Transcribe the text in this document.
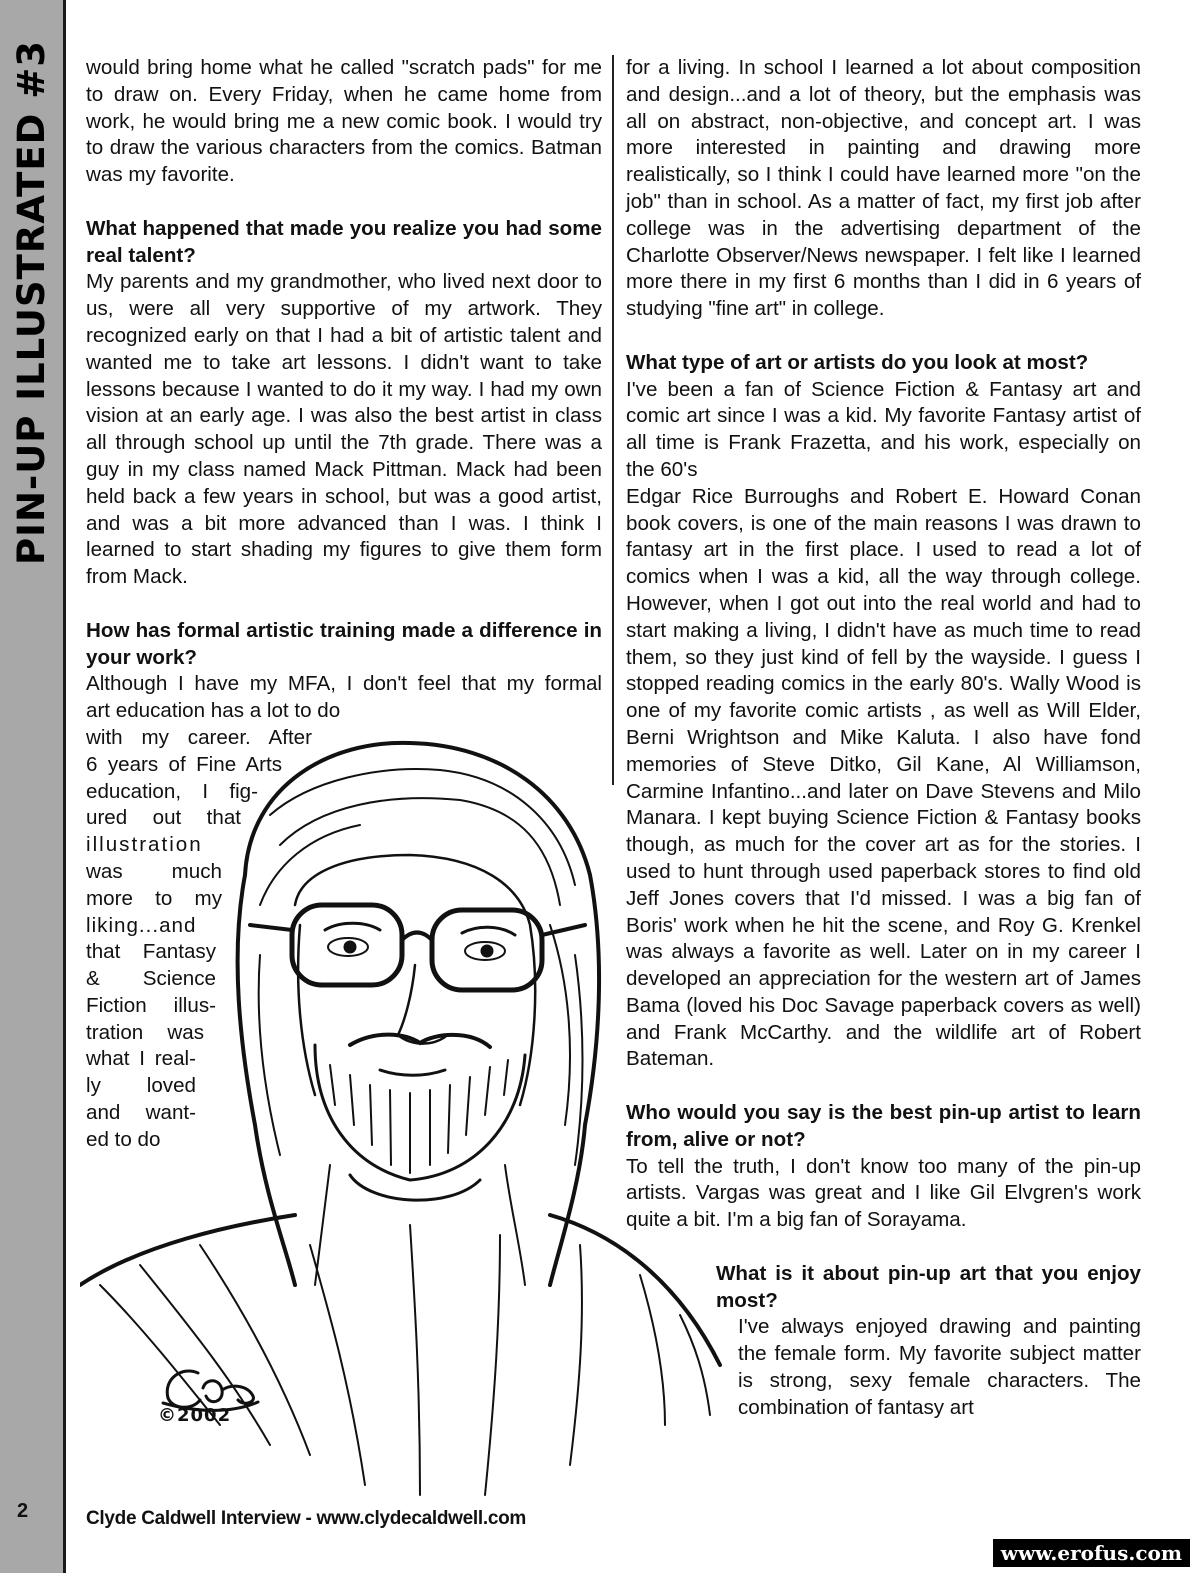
PIN-UP ILLUSTRATED #3
2
©2002

would bring home what he called "scratch pads" for me to draw on. Every Friday, when he came home from work, he would bring me a new comic book. I would try to draw the various characters from the comics. Batman was my favorite.

What happened that made you realize you had some real talent?

My parents and my grandmother, who lived next door to us, were all very supportive of my artwork. They recognized early on that I had a bit of artistic talent and wanted me to take art lessons. I didn't want to take lessons because I wanted to do it my way. I had my own vision at an early age. I was also the best artist in class all through school up until the 7th grade. There was a guy in my class named Mack Pittman. Mack had been held back a few years in school, but was a good artist, and was a bit more advanced than I was. I think I learned to start shading my figures to give them form from Mack.

How has formal artistic training made a difference in your work?
Although I have my MFA, I don't feel that my formal
art education has a lot to do
with my career. After
6 years of Fine Arts
education, I fig-
ured out that
illustration
was much
more to my
liking...and
that Fantasy
& Science
Fiction illus-
tration was
what I real-
ly loved
and want-
ed to do

for a living. In school I learned a lot about composition and design...and a lot of theory, but the emphasis was all on abstract, non-objective, and concept art. I was more interested in painting and drawing more realistically, so I think I could have learned more "on the job" than in school. As a matter of fact, my first job after college was in the advertising department of the Charlotte Observer/News newspaper. I felt like I learned more there in my first 6 months than I did in 6 years of studying "fine art" in college.

What type of art or artists do you look at most?

I've been a fan of Science Fiction & Fantasy art and comic art since I was a kid. My favorite Fantasy artist of all time is Frank Frazetta, and his work, especially on the 60's

Edgar Rice Burroughs and Robert E. Howard Conan book covers, is one of the main reasons I was drawn to fantasy art in the first place. I used to read a lot of comics when I was a kid, all the way through college. However, when I got out into the real world and had to start making a living, I didn't have as much time to read them, so they just kind of fell by the wayside. I guess I stopped reading comics in the early 80's. Wally Wood is one of my favorite comic artists , as well as Will Elder, Berni Wrightson and Mike Kaluta. I also have fond memories of Steve Ditko, Gil Kane, Al Williamson, Carmine Infantino...and later on Dave Stevens and Milo Manara. I kept buying Science Fiction & Fantasy books though, as much for the cover art as for the stories. I used to hunt through used paperback stores to find old Jeff Jones covers that I'd missed. I was a big fan of Boris' work when he hit the scene, and Roy G. Krenkel was always a favorite as well. Later on in my career I developed an appreciation for the western art of James Bama (loved his Doc Savage paperback covers as well) and Frank McCarthy. and the wildlife art of Robert Bateman.

Who would you say is the best pin-up artist to learn from, alive or not?

To tell the truth, I don't know too many of the pin-up artists. Vargas was great and I like Gil Elvgren's work quite a bit. I'm a big fan of Sorayama.

What is it about pin-up art that you enjoy most?

I've always enjoyed drawing and painting the female form. My favorite subject matter is strong, sexy female characters. The combination of fantasy art

Clyde Caldwell Interview - www.clydecaldwell.com
www.erofus.com
